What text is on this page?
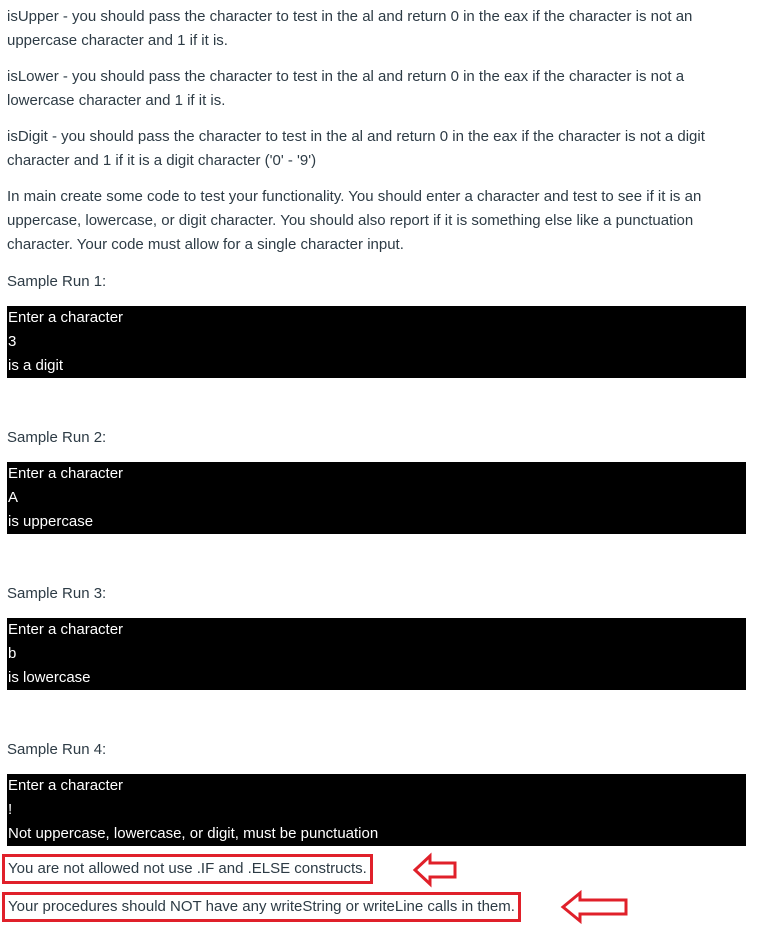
isUpper - you should pass the character to test in the al and return 0 in the eax if the character is not an uppercase character and 1 if it is.

isLower - you should pass the character to test in the al and return 0 in the eax if the character is not a lowercase character and 1 if it is.

isDigit - you should pass the character to test in the al and return 0 in the eax if the character is not a digit character and 1 if it is a digit character ('0' - '9')

In main create some code to test your functionality. You should enter a character and test to see if it is an uppercase, lowercase, or digit character. You should also report if it is something else like a punctuation character. Your code must allow for a single character input.

Sample Run 1:

Enter a character
3
is a digit

Sample Run 2:

Enter a character
A
is uppercase

Sample Run 3:

Enter a character
b
is lowercase

Sample Run 4:

Enter a character
!
Not uppercase, lowercase, or digit, must be punctuation
You are not allowed not use .IF and .ELSE constructs.
Your procedures should NOT have any writeString or writeLine calls in them.
